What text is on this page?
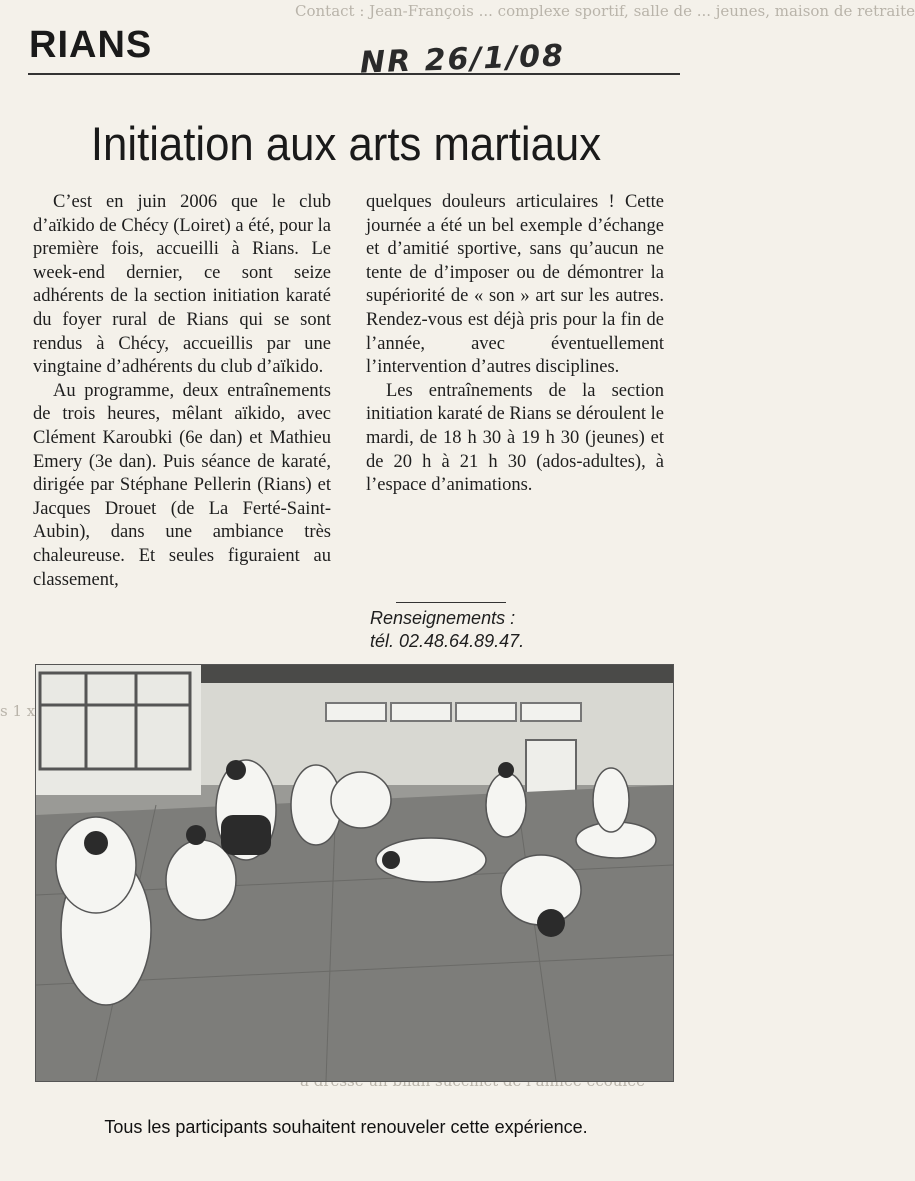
Contact : Jean-François ... complexe sportif, salle de ... jeunes, maison de retraite
s 1 x
RIANS	NR 26/1/08
Initiation aux arts martiaux

C’est en juin 2006 que le club d’aïkido de Chécy (Loiret) a été, pour la première fois, accueilli à Rians. Le week-end dernier, ce sont seize adhérents de la section initiation karaté du foyer rural de Rians qui se sont rendus à Chécy, accueillis par une vingtaine d’adhérents du club d’aïkido.

Au programme, deux entraînements de trois heures, mêlant aïkido, avec Clément Karoubki (6e dan) et Mathieu Emery (3e dan). Puis séance de karaté, dirigée par Stéphane Pellerin (Rians) et Jacques Drouet (de La Ferté-Saint-Aubin), dans une ambiance très chaleureuse. Et seules figuraient au classement,

quelques douleurs articulaires ! Cette journée a été un bel exemple d’échange et d’amitié sportive, sans qu’aucun ne tente de d’imposer ou de démontrer la supériorité de « son » art sur les autres. Rendez-vous est déjà pris pour la fin de l’année, avec éventuellement l’intervention d’autres disciplines.

Les entraînements de la section initiation karaté de Rians se déroulent le mardi, de 18 h 30 à 19 h 30 (jeunes) et de 20 h à 21 h 30 (ados-adultes), à l’espace d’animations.

Renseignements :
tél. 02.48.64.89.47.
Tous les participants souhaitent renouveler cette expérience.
